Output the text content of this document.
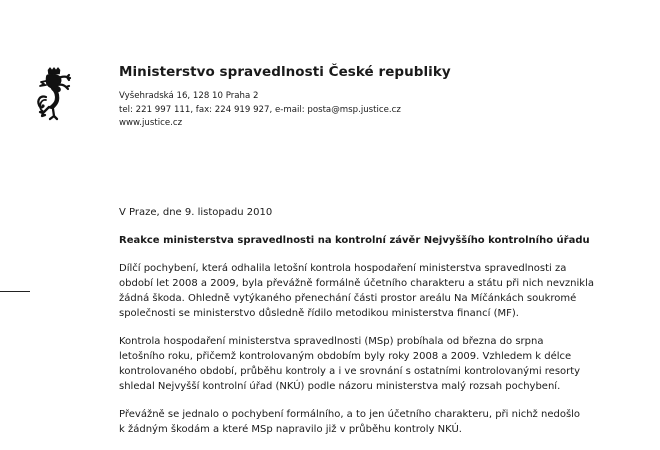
Ministerstvo spravedlnosti České republiky
Vyšehradská 16, 128 10 Praha 2
tel: 221 997 111, fax: 224 919 927, e-mail: posta@msp.justice.cz
www.justice.cz
V Praze, dne 9. listopadu 2010
Reakce ministerstva spravedlnosti na kontrolní závěr Nejvyššího kontrolního úřadu
Dílčí pochybení, která odhalila letošní kontrola hospodaření ministerstva spravedlnosti za
období let 2008 a 2009, byla převážně formálně účetního charakteru a státu při nich nevznikla
žádná škoda. Ohledně vytýkaného přenechání části prostor areálu Na Míčánkách soukromé
společnosti se ministerstvo důsledně řídilo metodikou ministerstva financí (MF).
Kontrola hospodaření ministerstva spravedlnosti (MSp) probíhala od března do srpna
letošního roku, přičemž kontrolovaným obdobím byly roky 2008 a 2009. Vzhledem k délce
kontrolovaného období, průběhu kontroly a i ve srovnání s ostatními kontrolovanými resorty
shledal Nejvyšší kontrolní úřad (NKÚ) podle názoru ministerstva malý rozsah pochybení.
Převážně se jednalo o pochybení formálního, a to jen účetního charakteru, při nichž nedošlo
k žádným škodám a které MSp napravilo již v průběhu kontroly NKÚ.
